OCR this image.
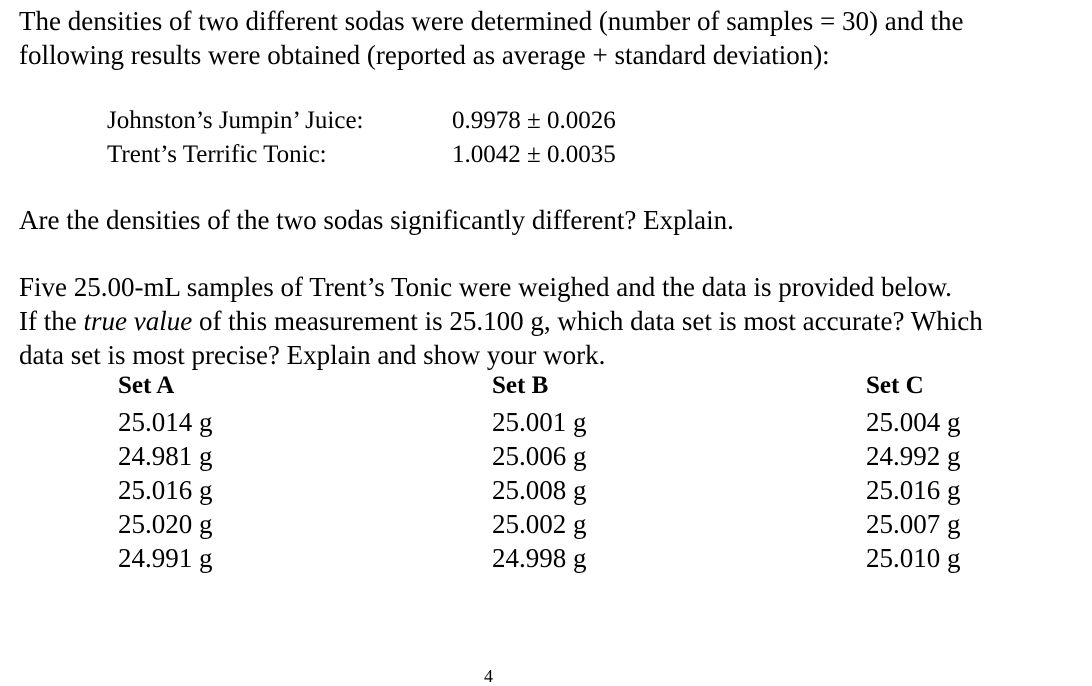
The densities of two different sodas were determined (number of samples = 30) and the
following results were obtained (reported as average + standard deviation):
Johnston’s Jumpin’ Juice:	0.9978 ± 0.0026
Trent’s Terrific Tonic:	1.0042 ± 0.0035
Are the densities of the two sodas significantly different? Explain.
Five 25.00-mL samples of Trent’s Tonic were weighed and the data is provided below.
If the true value of this measurement is 25.100 g, which data set is most accurate? Which
data set is most precise? Explain and show your work.
Set A
25.014 g
24.981 g
25.016 g
25.020 g
24.991 g
Set B
25.001 g
25.006 g
25.008 g
25.002 g
24.998 g
Set C
25.004 g
24.992 g
25.016 g
25.007 g
25.010 g
4
